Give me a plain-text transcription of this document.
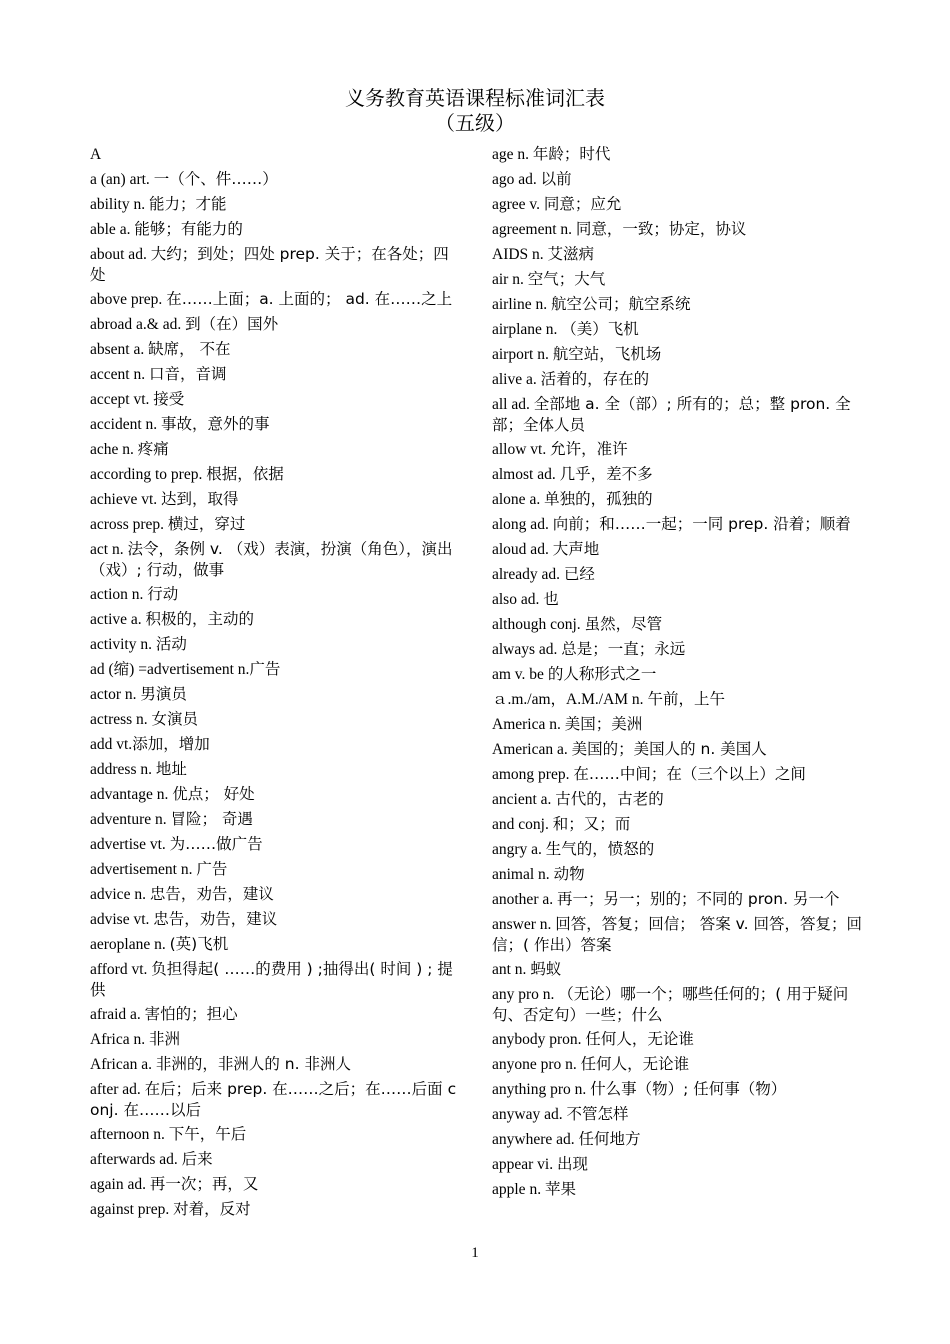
义务教育英语课程标准词汇表
（五级）
A
a (an) art. 一（个、件……）
ability n. 能力；才能
able a. 能够；有能力的
about ad. 大约；到处；四处 prep. 关于；在各处；四处
above prep. 在……上面；a. 上面的； ad. 在……之上
abroad a.& ad. 到（在）国外
absent a. 缺席， 不在
accent n. 口音，音调
accept vt. 接受
accident n. 事故，意外的事
ache n. 疼痛
according to prep. 根据，依据
achieve vt. 达到，取得
across prep. 横过，穿过
act n. 法令，条例 v. （戏）表演，扮演（角色），演出（戏）; 行动，做事
action n. 行动
active a. 积极的，主动的
activity n. 活动
ad (缩) =advertisement n.广告
actor n. 男演员
actress n. 女演员
add vt.添加，增加
address n. 地址
advantage n. 优点； 好处
adventure n. 冒险； 奇遇
advertise vt. 为……做广告
advertisement n. 广告
advice n. 忠告，劝告，建议
advise vt. 忠告，劝告，建议
aeroplane n. (英)飞机
afford vt. 负担得起( ……的费用 ) ;抽得出( 时间 ) ; 提供
afraid a. 害怕的；担心
Africa n. 非洲
African a. 非洲的，非洲人的 n. 非洲人
after ad. 在后；后来 prep. 在……之后；在……后面 conj. 在……以后
afternoon n. 下午，午后
afterwards ad. 后来
again ad. 再一次；再，又
against prep. 对着，反对
age n. 年龄；时代
ago ad. 以前
agree v. 同意；应允
agreement n. 同意，一致；协定，协议
AIDS n. 艾滋病
air n. 空气；大气
airline n. 航空公司；航空系统
airplane n. （美）飞机
airport n. 航空站，飞机场
alive a. 活着的，存在的
all ad. 全部地 a. 全（部）; 所有的；总；整 pron. 全部；全体人员
allow vt. 允许，准许
almost ad. 几乎，差不多
alone a. 单独的，孤独的
along ad. 向前；和……一起；一同 prep. 沿着；顺着
aloud ad. 大声地
already ad. 已经
also ad. 也
although conj. 虽然，尽管
always ad. 总是；一直；永远
am v. be 的人称形式之一
ａ.m./am，A.M./AM n. 午前，上午
America n. 美国；美洲
American a. 美国的；美国人的 n. 美国人
among prep. 在……中间；在（三个以上）之间
ancient a. 古代的，古老的
and conj. 和；又；而
angry a. 生气的，愤怒的
animal n. 动物
another a. 再一；另一；别的；不同的 pron. 另一个
answer n. 回答，答复；回信； 答案 v. 回答，答复；回信；( 作出）答案
ant n. 蚂蚁
any pro n. （无论）哪一个；哪些任何的；( 用于疑问句、否定句）一些；什么
anybody pron. 任何人，无论谁
anyone pro n. 任何人，无论谁
anything pro n. 什么事（物）; 任何事（物）
anyway ad. 不管怎样
anywhere ad. 任何地方
appear vi. 出现
apple n. 苹果
1
